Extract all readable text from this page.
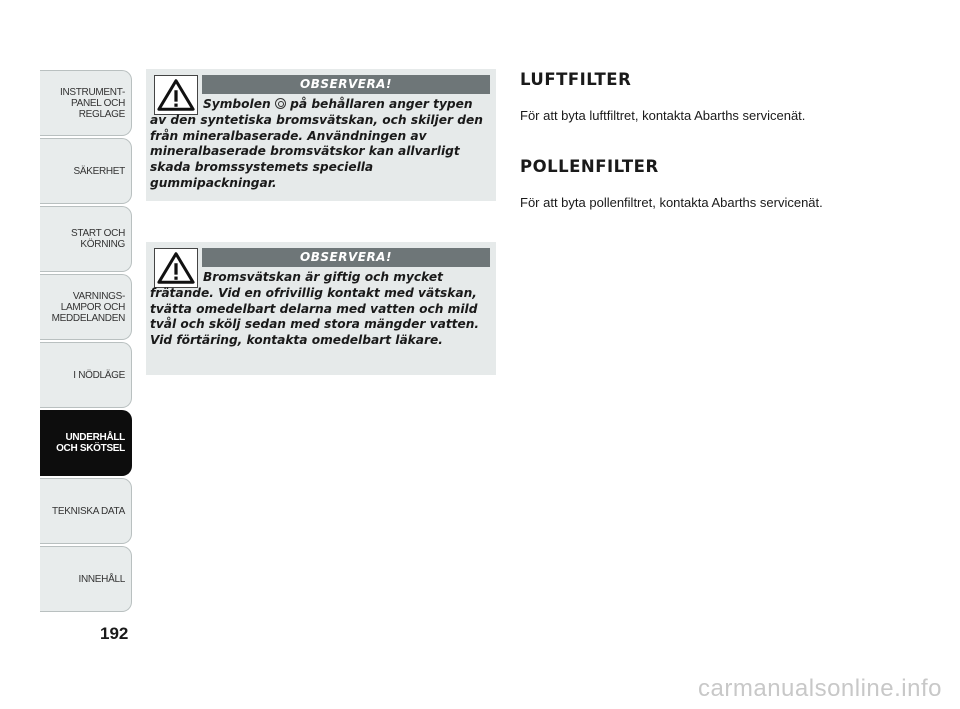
INSTRUMENT-
PANEL OCH
REGLAGE
SÄKERHET
START OCH
KÖRNING
VARNINGS-
LAMPOR OCH
MEDDELANDEN
I NÖDLÄGE
UNDERHÅLL
OCH SKÖTSEL
TEKNISKA DATA
INNEHÅLL
192
OBSERVERA!
Symbolen på behållaren anger typen av den syntetiska bromsvätskan, och skiljer den från mineralbaserade. Användningen av mineralbaserade bromsvätskor kan allvarligt skada bromssystemets speciella gummipackningar.
OBSERVERA!
Bromsvätskan är giftig och mycket frätande. Vid en ofrivillig kontakt med vätskan, tvätta omedelbart delarna med vatten och mild tvål och skölj sedan med stora mängder vatten. Vid förtäring, kontakta omedelbart läkare.
LUFTFILTER
För att byta luftfiltret, kontakta Abarths servicenät.
POLLENFILTER
För att byta pollenfiltret, kontakta Abarths servicenät.
carmanualsonline.info
